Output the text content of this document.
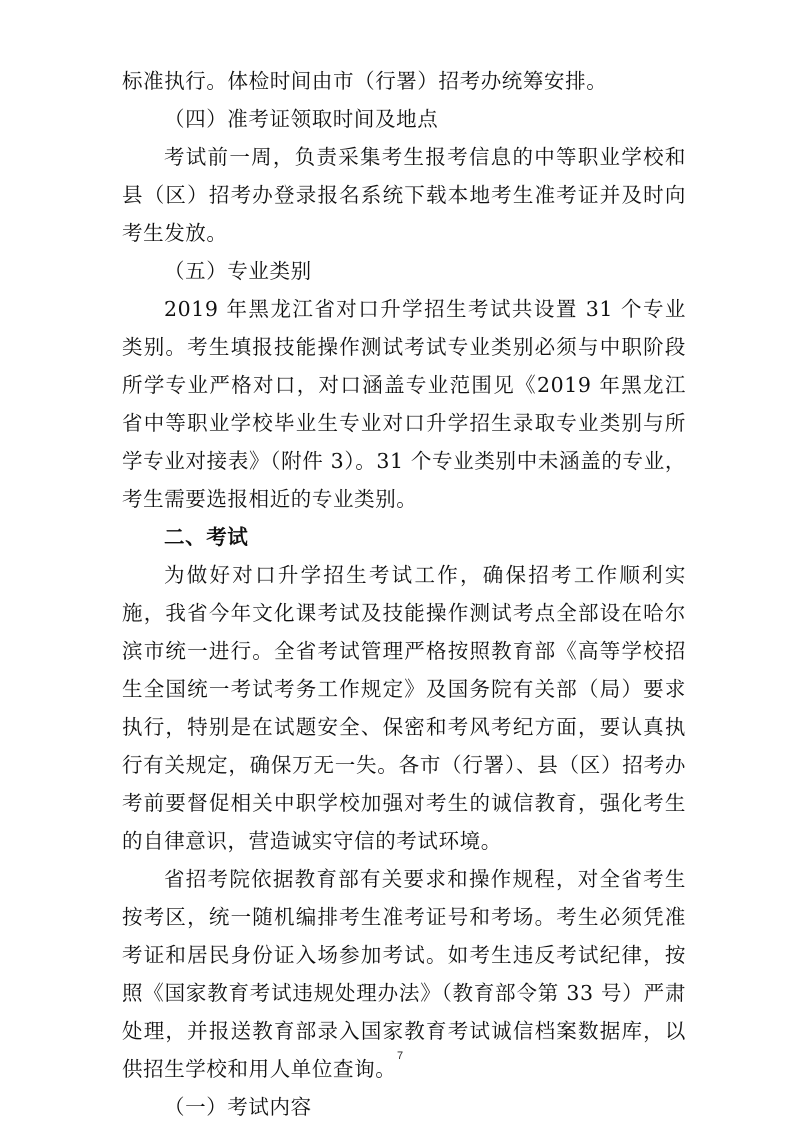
标准执行。体检时间由市（行署）招考办统筹安排。

（四）准考证领取时间及地点

考试前一周，负责采集考生报考信息的中等职业学校和县（区）招考办登录报名系统下载本地考生准考证并及时向考生发放。

（五）专业类别

2019 年黑龙江省对口升学招生考试共设置 31 个专业类别。考生填报技能操作测试考试专业类别必须与中职阶段所学专业严格对口，对口涵盖专业范围见《2019 年黑龙江省中等职业学校毕业生专业对口升学招生录取专业类别与所学专业对接表》（附件 3）。31 个专业类别中未涵盖的专业，考生需要选报相近的专业类别。

二、考试

为做好对口升学招生考试工作，确保招考工作顺利实施，我省今年文化课考试及技能操作测试考点全部设在哈尔滨市统一进行。全省考试管理严格按照教育部《高等学校招生全国统一考试考务工作规定》及国务院有关部（局）要求执行，特别是在试题安全、保密和考风考纪方面，要认真执行有关规定，确保万无一失。各市（行署）、县（区）招考办考前要督促相关中职学校加强对考生的诚信教育，强化考生的自律意识，营造诚实守信的考试环境。

省招考院依据教育部有关要求和操作规程，对全省考生按考区，统一随机编排考生准考证号和考场。考生必须凭准考证和居民身份证入场参加考试。如考生违反考试纪律，按照《国家教育考试违规处理办法》（教育部令第 33 号）严肃处理，并报送教育部录入国家教育考试诚信档案数据库，以供招生学校和用人单位查询。

（一）考试内容

7
